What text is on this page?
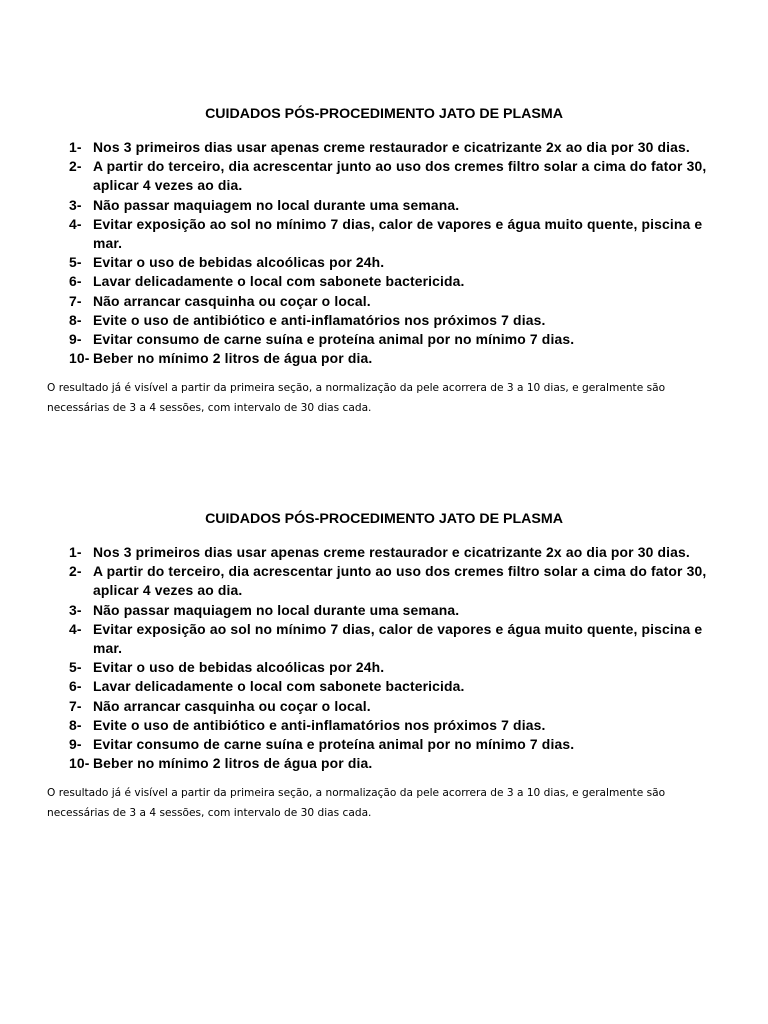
CUIDADOS PÓS-PROCEDIMENTO JATO DE PLASMA
1- Nos 3 primeiros dias usar apenas creme restaurador e cicatrizante 2x ao dia por 30 dias.
2- A partir do terceiro, dia acrescentar junto ao uso dos cremes filtro solar a cima do fator 30, aplicar 4 vezes ao dia.
3- Não passar maquiagem no local durante uma semana.
4- Evitar exposição ao sol no mínimo 7 dias, calor de vapores e água muito quente, piscina e mar.
5- Evitar o uso de bebidas alcoólicas por 24h.
6- Lavar delicadamente o local com sabonete bactericida.
7- Não arrancar casquinha ou coçar o local.
8- Evite o uso de antibiótico e anti-inflamatórios nos próximos 7 dias.
9- Evitar consumo de carne suína e proteína animal por no mínimo 7 dias.
10- Beber no mínimo 2 litros de água por dia.

O resultado já é visível a partir da primeira seção, a normalização da pele acorrera de 3 a 10 dias, e geralmente são necessárias de 3 a 4 sessões, com intervalo de 30 dias cada.

CUIDADOS PÓS-PROCEDIMENTO JATO DE PLASMA
1- Nos 3 primeiros dias usar apenas creme restaurador e cicatrizante 2x ao dia por 30 dias.
2- A partir do terceiro, dia acrescentar junto ao uso dos cremes filtro solar a cima do fator 30, aplicar 4 vezes ao dia.
3- Não passar maquiagem no local durante uma semana.
4- Evitar exposição ao sol no mínimo 7 dias, calor de vapores e água muito quente, piscina e mar.
5- Evitar o uso de bebidas alcoólicas por 24h.
6- Lavar delicadamente o local com sabonete bactericida.
7- Não arrancar casquinha ou coçar o local.
8- Evite o uso de antibiótico e anti-inflamatórios nos próximos 7 dias.
9- Evitar consumo de carne suína e proteína animal por no mínimo 7 dias.
10- Beber no mínimo 2 litros de água por dia.

O resultado já é visível a partir da primeira seção, a normalização da pele acorrera de 3 a 10 dias, e geralmente são necessárias de 3 a 4 sessões, com intervalo de 30 dias cada.
